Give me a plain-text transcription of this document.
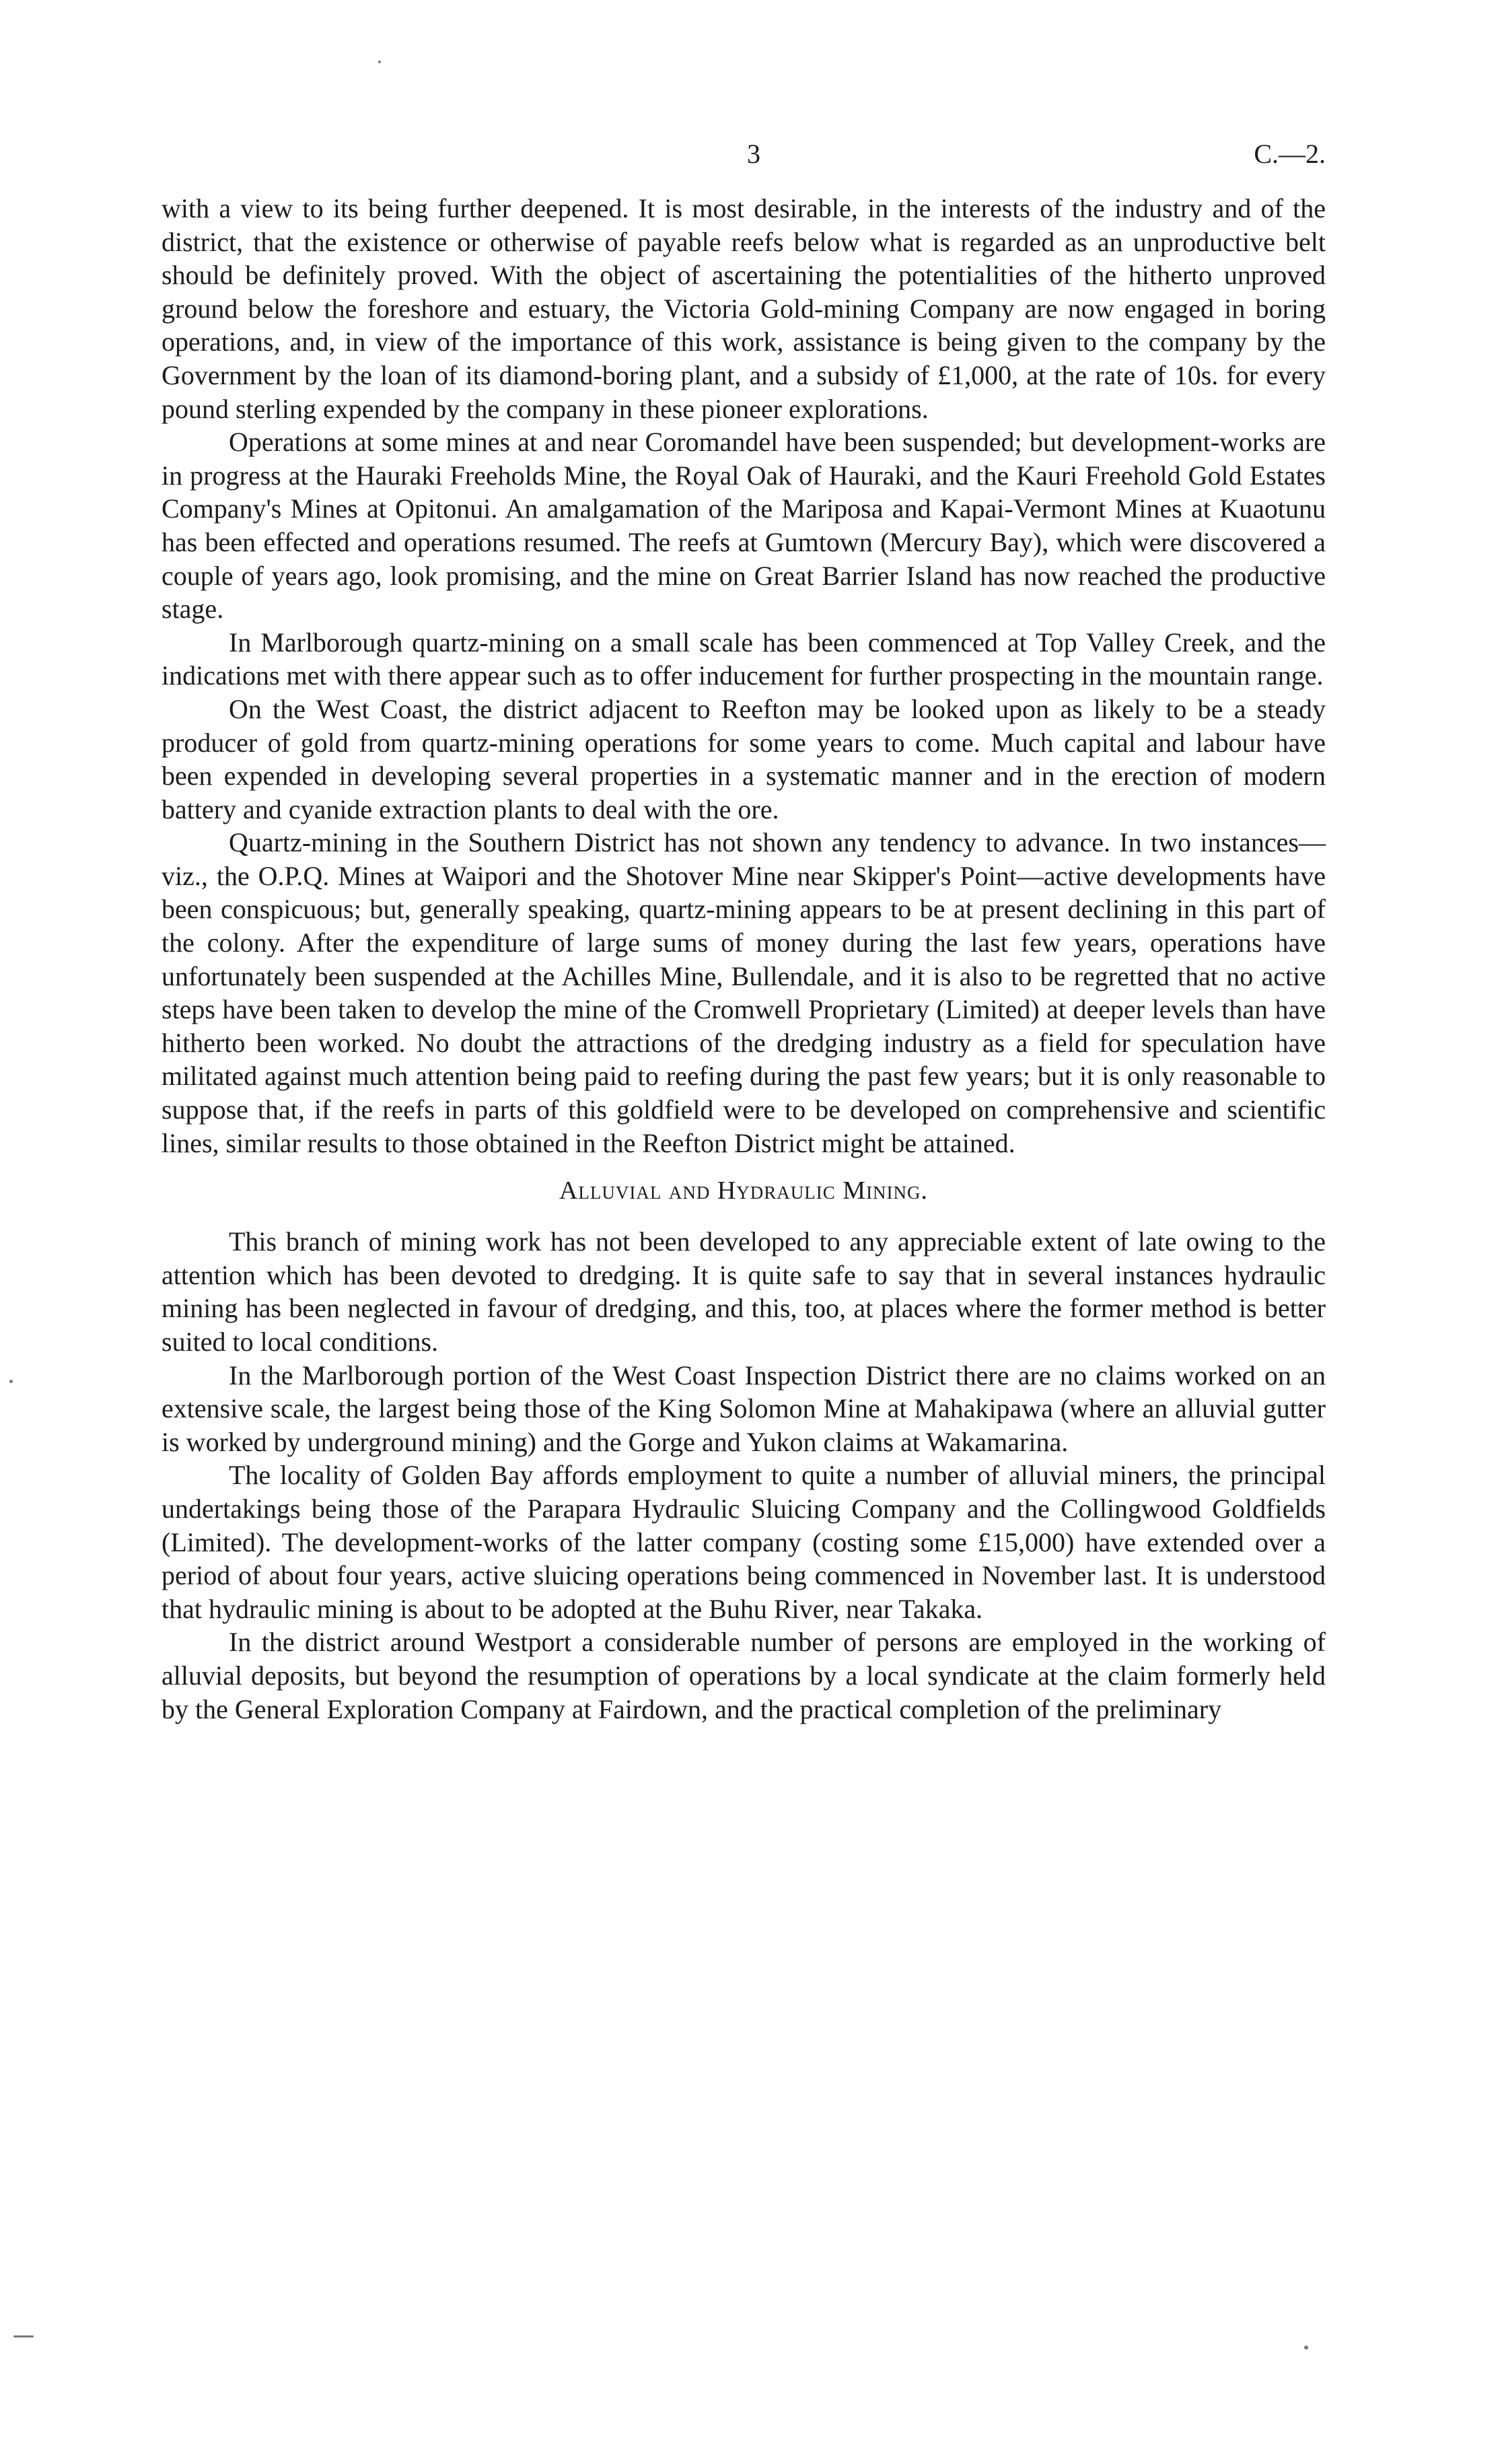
3	C.—2.

with a view to its being further deepened. It is most desirable, in the interests of the industry and of the district, that the existence or otherwise of payable reefs below what is regarded as an unproductive belt should be definitely proved. With the object of ascertaining the potentialities of the hitherto unproved ground below the foreshore and estuary, the Victoria Gold-mining Company are now engaged in boring operations, and, in view of the importance of this work, assistance is being given to the company by the Government by the loan of its diamond-boring plant, and a subsidy of £1,000, at the rate of 10s. for every pound sterling expended by the company in these pioneer explorations.

Operations at some mines at and near Coromandel have been suspended; but development-works are in progress at the Hauraki Freeholds Mine, the Royal Oak of Hauraki, and the Kauri Freehold Gold Estates Company's Mines at Opitonui. An amalgamation of the Mariposa and Kapai-Vermont Mines at Kuaotunu has been effected and operations resumed. The reefs at Gumtown (Mercury Bay), which were discovered a couple of years ago, look promising, and the mine on Great Barrier Island has now reached the productive stage.

In Marlborough quartz-mining on a small scale has been commenced at Top Valley Creek, and the indications met with there appear such as to offer inducement for further prospecting in the mountain range.

On the West Coast, the district adjacent to Reefton may be looked upon as likely to be a steady producer of gold from quartz-mining operations for some years to come. Much capital and labour have been expended in developing several properties in a systematic manner and in the erection of modern battery and cyanide extraction plants to deal with the ore.

Quartz-mining in the Southern District has not shown any tendency to advance. In two instances—viz., the O.P.Q. Mines at Waipori and the Shotover Mine near Skipper's Point—active developments have been conspicuous; but, generally speaking, quartz-mining appears to be at present declining in this part of the colony. After the expenditure of large sums of money during the last few years, operations have unfortunately been suspended at the Achilles Mine, Bullendale, and it is also to be regretted that no active steps have been taken to develop the mine of the Cromwell Proprietary (Limited) at deeper levels than have hitherto been worked. No doubt the attractions of the dredging industry as a field for speculation have militated against much attention being paid to reefing during the past few years; but it is only reasonable to suppose that, if the reefs in parts of this goldfield were to be developed on comprehensive and scientific lines, similar results to those obtained in the Reefton District might be attained.

Alluvial and Hydraulic Mining.

This branch of mining work has not been developed to any appreciable extent of late owing to the attention which has been devoted to dredging. It is quite safe to say that in several instances hydraulic mining has been neglected in favour of dredging, and this, too, at places where the former method is better suited to local conditions.

In the Marlborough portion of the West Coast Inspection District there are no claims worked on an extensive scale, the largest being those of the King Solomon Mine at Mahakipawa (where an alluvial gutter is worked by underground mining) and the Gorge and Yukon claims at Wakamarina.

The locality of Golden Bay affords employment to quite a number of alluvial miners, the principal undertakings being those of the Parapara Hydraulic Sluicing Company and the Collingwood Goldfields (Limited). The development-works of the latter company (costing some £15,000) have extended over a period of about four years, active sluicing operations being commenced in November last. It is understood that hydraulic mining is about to be adopted at the Buhu River, near Takaka.

In the district around Westport a considerable number of persons are employed in the working of alluvial deposits, but beyond the resumption of operations by a local syndicate at the claim formerly held by the General Exploration Company at Fairdown, and the practical completion of the preliminary
